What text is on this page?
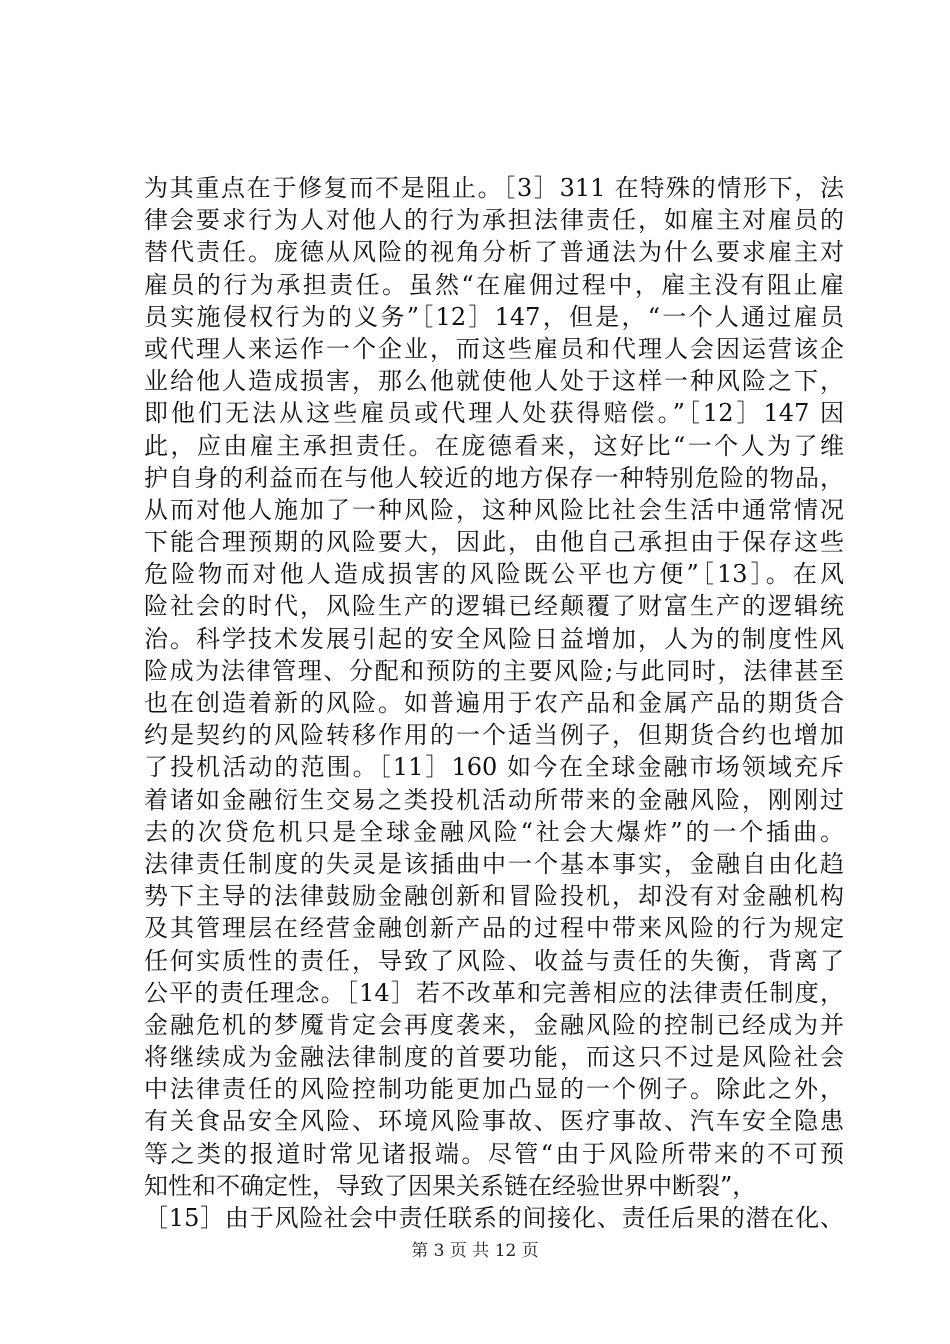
为其重点在于修复而不是阻止。［3］311 在特殊的情形下，法
律会要求行为人对他人的行为承担法律责任，如雇主对雇员的
替代责任。庞德从风险的视角分析了普通法为什么要求雇主对
雇员的行为承担责任。虽然“在雇佣过程中，雇主没有阻止雇
员实施侵权行为的义务”［12］147，但是，“一个人通过雇员
或代理人来运作一个企业，而这些雇员和代理人会因运营该企
业给他人造成损害，那么他就使他人处于这样一种风险之下，
即他们无法从这些雇员或代理人处获得赔偿。”［12］147 因
此，应由雇主承担责任。在庞德看来，这好比“一个人为了维
护自身的利益而在与他人较近的地方保存一种特别危险的物品，
从而对他人施加了一种风险，这种风险比社会生活中通常情况
下能合理预期的风险要大，因此，由他自己承担由于保存这些
危险物而对他人造成损害的风险既公平也方便”［13］。在风
险社会的时代，风险生产的逻辑已经颠覆了财富生产的逻辑统
治。科学技术发展引起的安全风险日益增加，人为的制度性风
险成为法律管理、分配和预防的主要风险;与此同时，法律甚至
也在创造着新的风险。如普遍用于农产品和金属产品的期货合
约是契约的风险转移作用的一个适当例子，但期货合约也增加
了投机活动的范围。［11］160 如今在全球金融市场领域充斥
着诸如金融衍生交易之类投机活动所带来的金融风险，刚刚过
去的次贷危机只是全球金融风险“社会大爆炸”的一个插曲。
法律责任制度的失灵是该插曲中一个基本事实，金融自由化趋
势下主导的法律鼓励金融创新和冒险投机，却没有对金融机构
及其管理层在经营金融创新产品的过程中带来风险的行为规定
任何实质性的责任，导致了风险、收益与责任的失衡，背离了
公平的责任理念。［14］若不改革和完善相应的法律责任制度，
金融危机的梦魇肯定会再度袭来，金融风险的控制已经成为并
将继续成为金融法律制度的首要功能，而这只不过是风险社会
中法律责任的风险控制功能更加凸显的一个例子。除此之外，
有关食品安全风险、环境风险事故、医疗事故、汽车安全隐患
等之类的报道时常见诸报端。尽管“由于风险所带来的不可预
知性和不确定性，导致了因果关系链在经验世界中断裂”，
［15］由于风险社会中责任联系的间接化、责任后果的潜在化、
第 3 页 共 12 页
